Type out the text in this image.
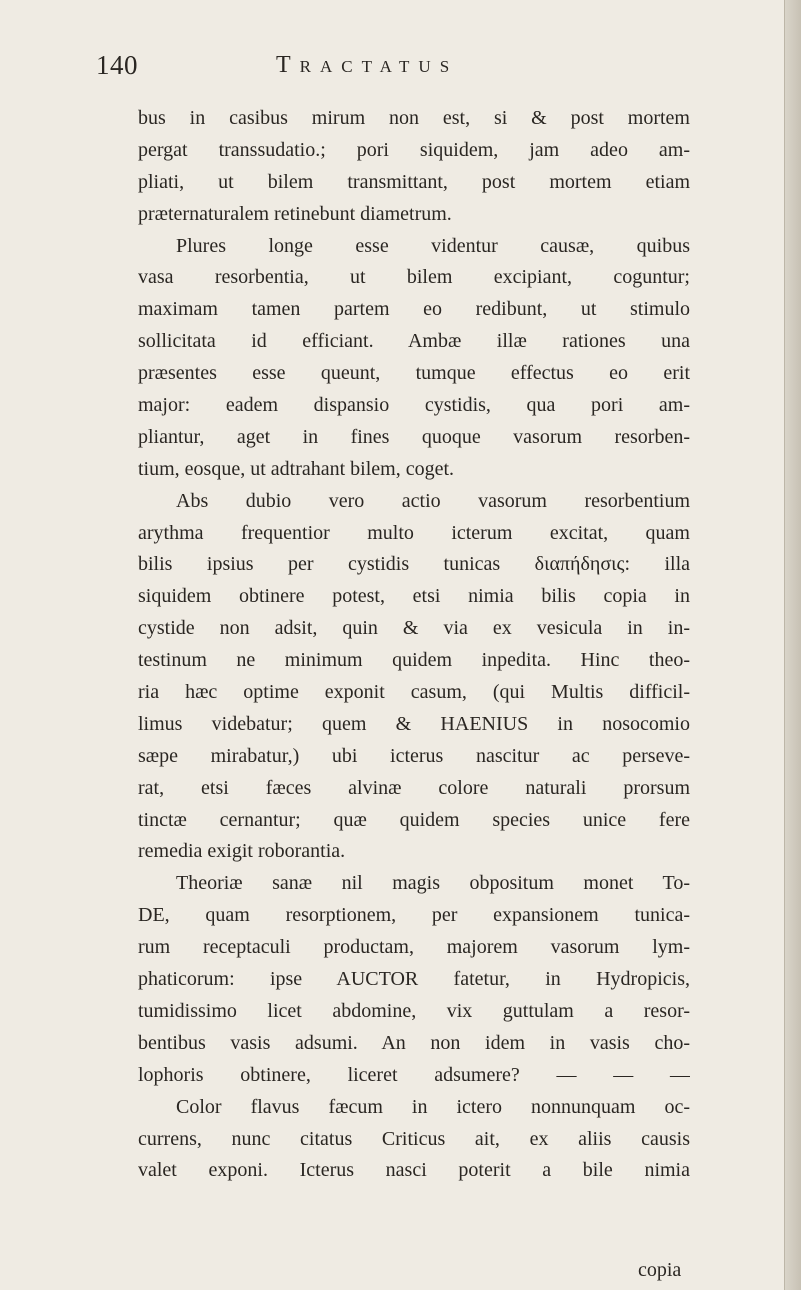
140	Tractatus
bus in casibus mirum non est, si & post mortem
pergat transsudatio.; pori siquidem, jam adeo am-
pliati, ut bilem transmittant, post mortem etiam
præternaturalem retinebunt diametrum.
Plures longe esse videntur causæ, quibus
vasa resorbentia, ut bilem excipiant, coguntur;
maximam tamen partem eo redibunt, ut stimulo
sollicitata id efficiant. Ambæ illæ rationes una
præsentes esse queunt, tumque effectus eo erit
major: eadem dispansio cystidis, qua pori am-
pliantur, aget in fines quoque vasorum resorben-
tium, eosque, ut adtrahant bilem, coget.
Abs dubio vero actio vasorum resorbentium
arythma frequentior multo icterum excitat, quam
bilis ipsius per cystidis tunicas διαπήδησις: illa
siquidem obtinere potest, etsi nimia bilis copia in
cystide non adsit, quin & via ex vesicula in in-
testinum ne minimum quidem inpedita. Hinc theo-
ria hæc optime exponit casum, (qui Multis difficil-
limus videbatur; quem & HAENIUS in nosocomio
sæpe mirabatur,) ubi icterus nascitur ac perseve-
rat, etsi fæces alvinæ colore naturali prorsum
tinctæ cernantur; quæ quidem species unice fere
remedia exigit roborantia.
Theoriæ sanæ nil magis obpositum monet To-
DE, quam resorptionem, per expansionem tunica-
rum receptaculi productam, majorem vasorum lym-
phaticorum: ipse AUCTOR fatetur, in Hydropicis,
tumidissimo licet abdomine, vix guttulam a resor-
bentibus vasis adsumi. An non idem in vasis cho-
lophoris obtinere, liceret adsumere? — — —
Color flavus fæcum in ictero nonnunquam oc-
currens, nunc citatus Criticus ait, ex aliis causis
valet exponi. Icterus nasci poterit a bile nimia
copia
